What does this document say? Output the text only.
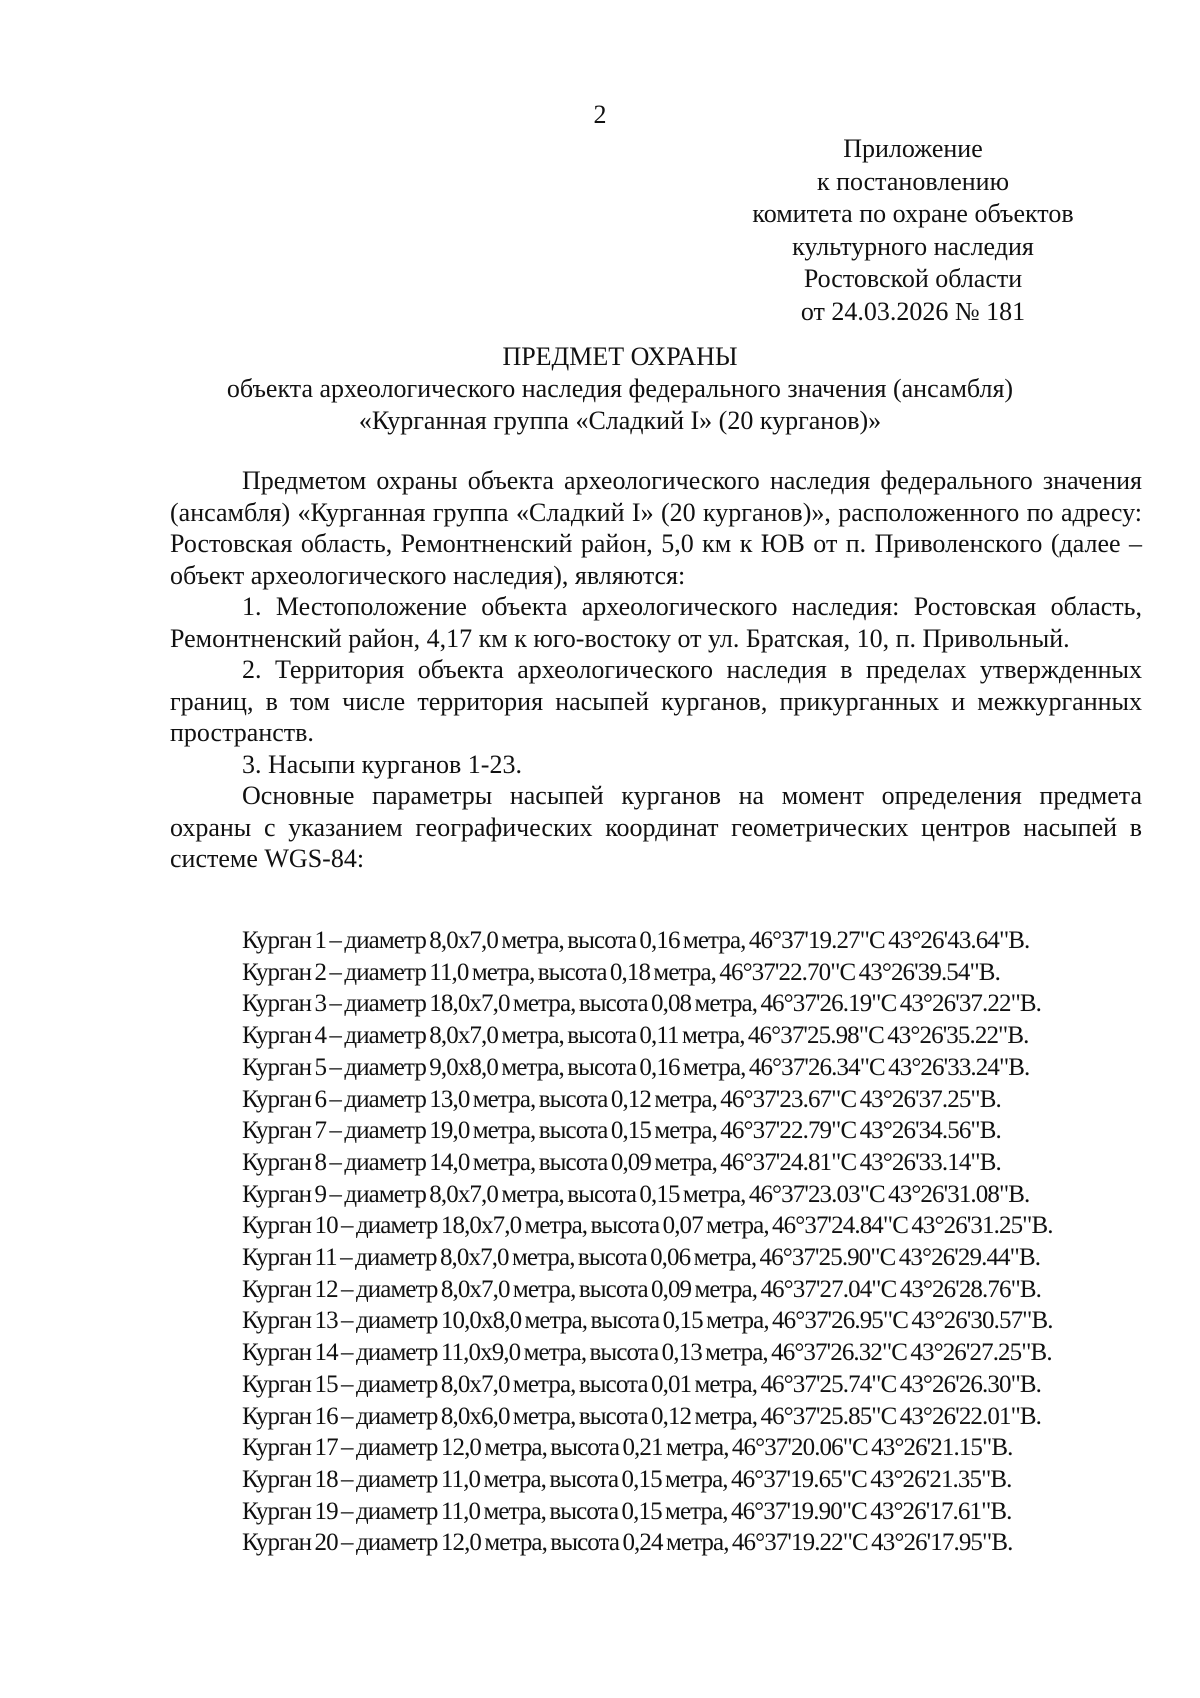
2
Приложение
к постановлению
комитета по охране объектов
культурного наследия
Ростовской области
от 24.03.2026 № 181
ПРЕДМЕТ ОХРАНЫ
объекта археологического наследия федерального значения (ансамбля)
«Курганная группа «Сладкий I» (20 курганов)»

Предметом охраны объекта археологического наследия федерального значения (ансамбля) «Курганная группа «Сладкий I» (20 курганов)», расположенного по адресу: Ростовская область, Ремонтненский район, 5,0 км к ЮВ от п. Приволенского (далее – объект археологического наследия), являются:

1. Местоположение объекта археологического наследия: Ростовская область, Ремонтненский район, 4,17 км к юго-востоку от ул. Братская, 10, п. Привольный.

2. Территория объекта археологического наследия в пределах утвержденных границ, в том числе территория насыпей курганов, прикурганных и межкурганных пространств.

3. Насыпи курганов 1-23.

Основные параметры насыпей курганов на момент определения предмета охраны с указанием географических координат геометрических центров насыпей в системе WGS-84:

Курган 1 – диаметр 8,0х7,0 метра, высота 0,16 метра, 46°37'19.27"С 43°26'43.64"В.
Курган 2 – диаметр 11,0 метра, высота 0,18 метра, 46°37'22.70"С 43°26'39.54"В.
Курган 3 – диаметр 18,0х7,0 метра, высота 0,08 метра, 46°37'26.19"С 43°26'37.22"В.
Курган 4 – диаметр 8,0х7,0 метра, высота 0,11 метра, 46°37'25.98"С 43°26'35.22"В.
Курган 5 – диаметр 9,0х8,0 метра, высота 0,16 метра, 46°37'26.34"С 43°26'33.24"В.
Курган 6 – диаметр 13,0 метра, высота 0,12 метра, 46°37'23.67"С 43°26'37.25"В.
Курган 7 – диаметр 19,0 метра, высота 0,15 метра, 46°37'22.79"С 43°26'34.56"В.
Курган 8 – диаметр 14,0 метра, высота 0,09 метра, 46°37'24.81"С 43°26'33.14"В.
Курган 9 – диаметр 8,0х7,0 метра, высота 0,15 метра, 46°37'23.03"С 43°26'31.08"В.
Курган 10 – диаметр 18,0х7,0 метра, высота 0,07 метра, 46°37'24.84"С 43°26'31.25"В.
Курган 11 – диаметр 8,0х7,0 метра, высота 0,06 метра, 46°37'25.90"С 43°26'29.44"В.
Курган 12 – диаметр 8,0х7,0 метра, высота 0,09 метра, 46°37'27.04"С 43°26'28.76"В.
Курган 13 – диаметр 10,0х8,0 метра, высота 0,15 метра, 46°37'26.95"С 43°26'30.57"В.
Курган 14 – диаметр 11,0х9,0 метра, высота 0,13 метра, 46°37'26.32"С 43°26'27.25"В.
Курган 15 – диаметр 8,0х7,0 метра, высота 0,01 метра, 46°37'25.74"С 43°26'26.30"В.
Курган 16 – диаметр 8,0х6,0 метра, высота 0,12 метра, 46°37'25.85"С 43°26'22.01"В.
Курган 17 – диаметр 12,0 метра, высота 0,21 метра, 46°37'20.06"С 43°26'21.15"В.
Курган 18 – диаметр 11,0 метра, высота 0,15 метра, 46°37'19.65"С 43°26'21.35"В.
Курган 19 – диаметр 11,0 метра, высота 0,15 метра, 46°37'19.90"С 43°26'17.61"В.
Курган 20 – диаметр 12,0 метра, высота 0,24 метра, 46°37'19.22"С 43°26'17.95"В.
